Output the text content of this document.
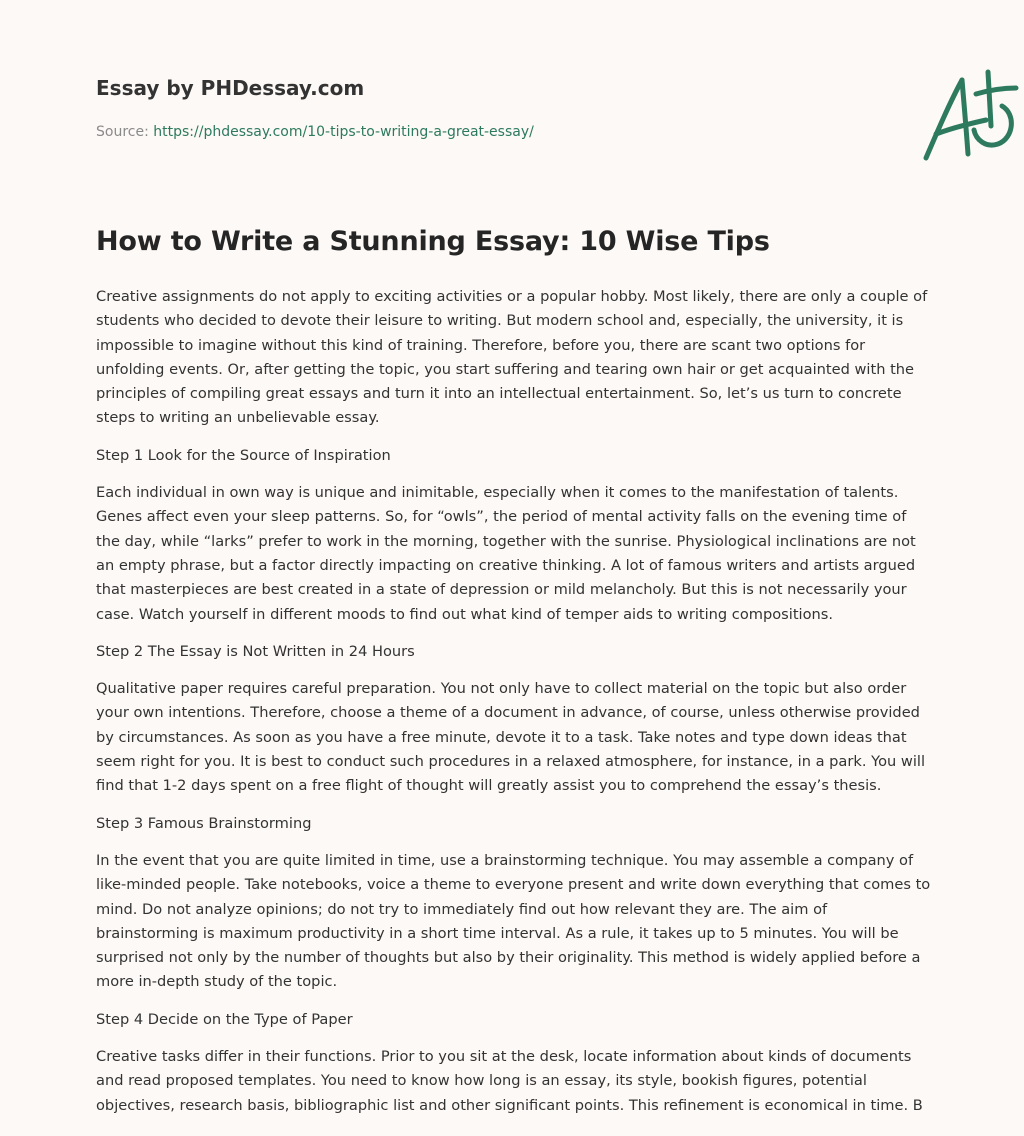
Essay by PHDessay.com

Source: https://phdessay.com/10-tips-to-writing-a-great-essay/

How to Write a Stunning Essay: 10 Wise Tips

Creative assignments do not apply to exciting activities or a popular hobby. Most likely, there are only a couple of students who decided to devote their leisure to writing. But modern school and, especially, the university, it is impossible to imagine without this kind of training. Therefore, before you, there are scant two options for unfolding events. Or, after getting the topic, you start suffering and tearing own hair or get acquainted with the principles of compiling great essays and turn it into an intellectual entertainment. So, let’s us turn to concrete steps to writing an unbelievable essay.

Step 1 Look for the Source of Inspiration

Each individual in own way is unique and inimitable, especially when it comes to the manifestation of talents. Genes affect even your sleep patterns. So, for “owls”, the period of mental activity falls on the evening time of the day, while “larks” prefer to work in the morning, together with the sunrise. Physiological inclinations are not an empty phrase, but a factor directly impacting on creative thinking. A lot of famous writers and artists argued that masterpieces are best created in a state of depression or mild melancholy. But this is not necessarily your case. Watch yourself in different moods to find out what kind of temper aids to writing compositions.

Step 2 The Essay is Not Written in 24 Hours

Qualitative paper requires careful preparation. You not only have to collect material on the topic but also order your own intentions. Therefore, choose a theme of a document in advance, of course, unless otherwise provided by circumstances. As soon as you have a free minute, devote it to a task. Take notes and type down ideas that seem right for you. It is best to conduct such procedures in a relaxed atmosphere, for instance, in a park. You will find that 1-2 days spent on a free flight of thought will greatly assist you to comprehend the essay’s thesis.

Step 3 Famous Brainstorming

In the event that you are quite limited in time, use a brainstorming technique. You may assemble a company of like-minded people. Take notebooks, voice a theme to everyone present and write down everything that comes to mind. Do not analyze opinions; do not try to immediately find out how relevant they are. The aim of brainstorming is maximum productivity in a short time interval. As a rule, it takes up to 5 minutes. You will be surprised not only by the number of thoughts but also by their originality. This method is widely applied before a more in-depth study of the topic.

Step 4 Decide on the Type of Paper

Creative tasks differ in their functions. Prior to you sit at the desk, locate information about kinds of documents and read proposed templates. You need to know how long is an essay, its style, bookish figures, potential objectives, research basis, bibliographic list and other significant points. This refinement is economical in time. B
